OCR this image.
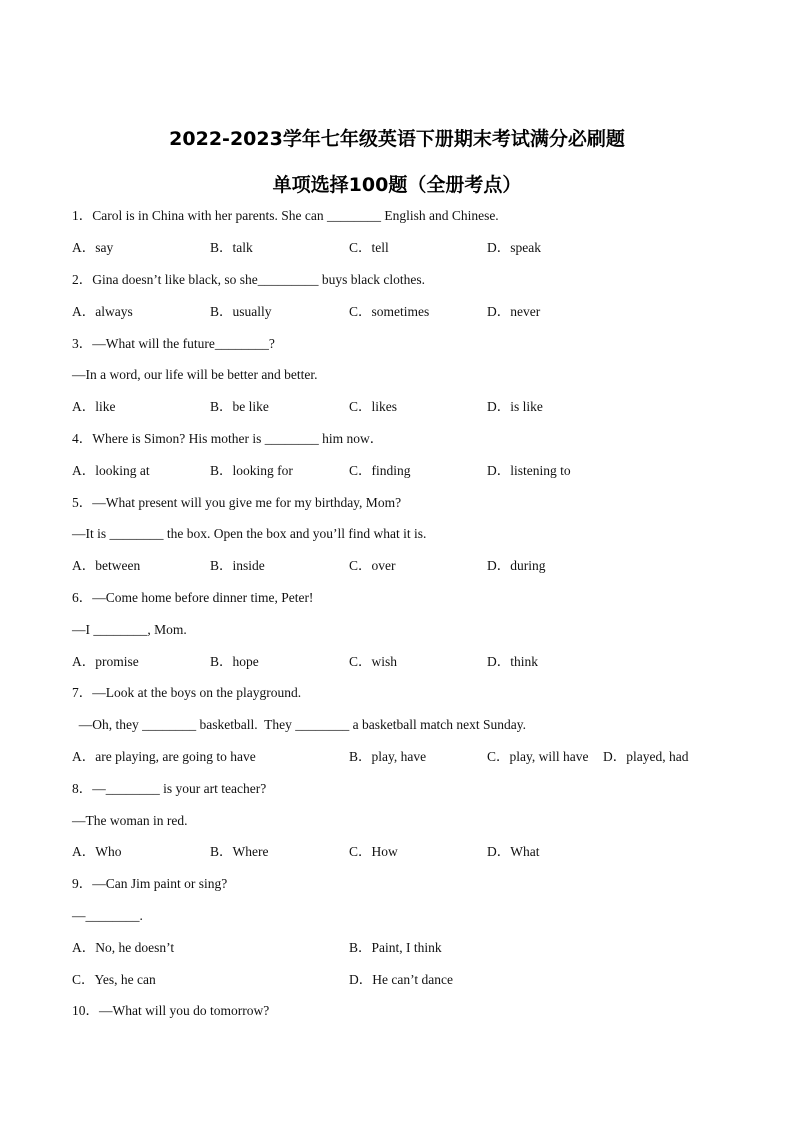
2022-2023学年七年级英语下册期末考试满分必刷题
单项选择100题（全册考点）
1．Carol is in China with her parents. She can ________ English and Chinese.
A．say	B．talk	C．tell	D．speak
2．Gina doesn’t like black, so she_________ buys black clothes.
A．always	B．usually	C．sometimes	D．never
3．—What will the future________?
—In a word, our life will be better and better.
A．like	B．be like	C．likes	D．is like
4．Where is Simon? His mother is ________ him now．
A．looking at	B．looking for	C．finding	D．listening to
5．—What present will you give me for my birthday, Mom?
—It is ________ the box. Open the box and you’ll find what it is.
A．between	B．inside	C．over	D．during
6．—Come home before dinner time, Peter!
—I ________, Mom.
A．promise	B．hope	C．wish	D．think
7．—Look at the boys on the playground.
—Oh, they ________ basketball.  They ________ a basketball match next Sunday.
A．are playing, are going to have	B．play, have	C．play, will have D．played, had
8．—________ is your art teacher?
—The woman in red.
A．Who	B．Where	C．How	D．What
9．—Can Jim paint or sing?
—________.
A．No, he doesn’t	B．Paint, I think
C．Yes, he can	D．He can’t dance
10．—What will you do tomorrow?
